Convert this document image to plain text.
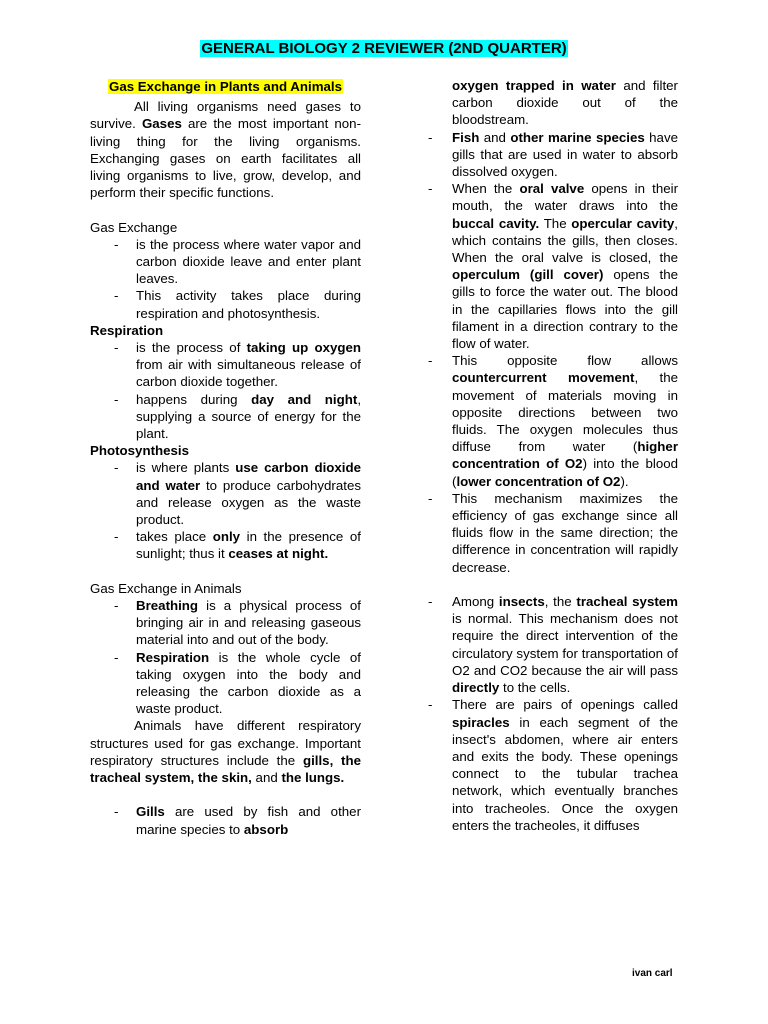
GENERAL BIOLOGY 2 REVIEWER (2ND QUARTER)
Gas Exchange in Plants and Animals

All living organisms need gases to survive. Gases are the most important non-living thing for the living organisms. Exchanging gases on earth facilitates all living organisms to live, grow, develop, and perform their specific functions.

Gas Exchange

- is the process where water vapor and carbon dioxide leave and enter plant leaves.
- This activity takes place during respiration and photosynthesis.

Respiration

- is the process of taking up oxygen from air with simultaneous release of carbon dioxide together.
- happens during day and night, supplying a source of energy for the plant.

Photosynthesis

- is where plants use carbon dioxide and water to produce carbohydrates and release oxygen as the waste product.
- takes place only in the presence of sunlight; thus it ceases at night.

Gas Exchange in Animals

- Breathing is a physical process of bringing air in and releasing gaseous material into and out of the body.
- Respiration is the whole cycle of taking oxygen into the body and releasing the carbon dioxide as a waste product.

Animals have different respiratory structures used for gas exchange. Important respiratory structures include the gills, the tracheal system, the skin, and the lungs.

- Gills are used by fish and other marine species to absorb
oxygen trapped in water and filter carbon dioxide out of the bloodstream.
- Fish and other marine species have gills that are used in water to absorb dissolved oxygen.
- When the oral valve opens in their mouth, the water draws into the buccal cavity. The opercular cavity, which contains the gills, then closes. When the oral valve is closed, the operculum (gill cover) opens the gills to force the water out. The blood in the capillaries flows into the gill filament in a direction contrary to the flow of water.
- This opposite flow allows countercurrent movement, the movement of materials moving in opposite directions between two fluids. The oxygen molecules thus diffuse from water (higher concentration of O2) into the blood (lower concentration of O2).
- This mechanism maximizes the efficiency of gas exchange since all fluids flow in the same direction; the difference in concentration will rapidly decrease.
- Among insects, the tracheal system is normal. This mechanism does not require the direct intervention of the circulatory system for transportation of O2 and CO2 because the air will pass directly to the cells.
- There are pairs of openings called spiracles in each segment of the insect's abdomen, where air enters and exits the body. These openings connect to the tubular trachea network, which eventually branches into tracheoles. Once the oxygen enters the tracheoles, it diffuses
ivan carl
